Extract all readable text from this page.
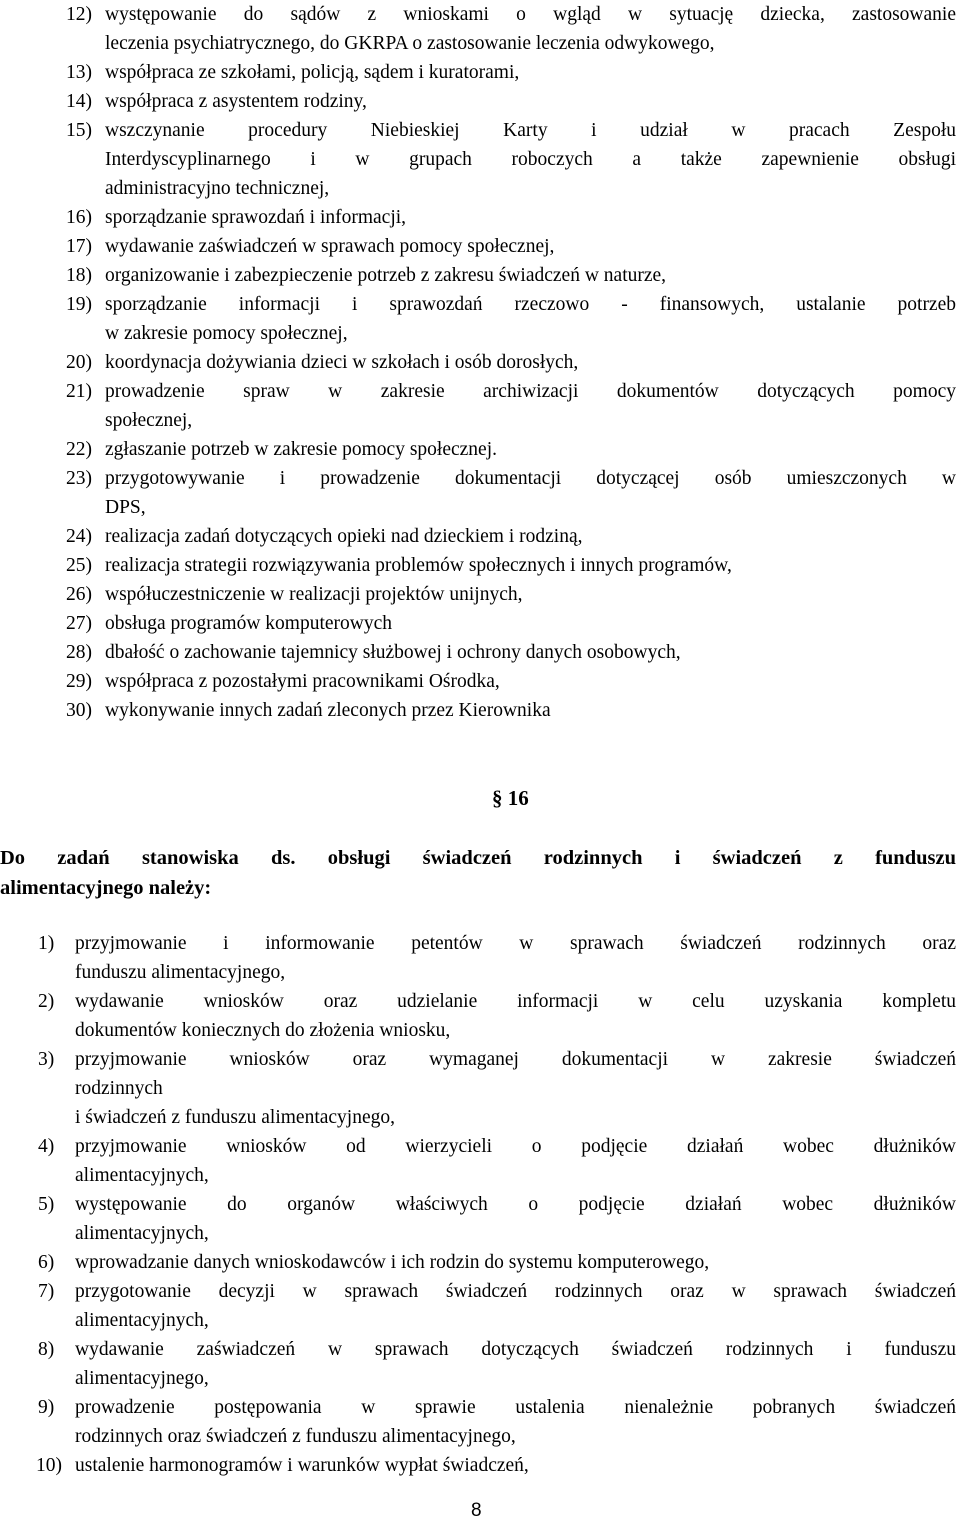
12) występowanie do sądów z wnioskami o wgląd w sytuację dziecka, zastosowanie
leczenia psychiatrycznego, do GKRPA o zastosowanie leczenia odwykowego,
13) współpraca ze szkołami, policją, sądem i kuratorami,
14) współpraca z asystentem rodziny,
15) wszczynanie procedury Niebieskiej Karty i udział w pracach Zespołu
Interdyscyplinarnego i w grupach roboczych a także zapewnienie obsługi
administracyjno technicznej,
16) sporządzanie sprawozdań i informacji,
17) wydawanie zaświadczeń w sprawach pomocy społecznej,
18) organizowanie i zabezpieczenie potrzeb z zakresu świadczeń w naturze,
19) sporządzanie informacji i sprawozdań rzeczowo - finansowych, ustalanie potrzeb
w zakresie pomocy społecznej,
20) koordynacja dożywiania dzieci w szkołach i osób dorosłych,
21) prowadzenie spraw w zakresie archiwizacji dokumentów dotyczących pomocy
społecznej,
22) zgłaszanie potrzeb w zakresie pomocy społecznej.
23) przygotowywanie i prowadzenie dokumentacji dotyczącej osób umieszczonych w
DPS,
24) realizacja zadań dotyczących opieki nad dzieckiem i rodziną,
25) realizacja strategii rozwiązywania problemów społecznych i innych programów,
26) współuczestniczenie w realizacji projektów unijnych,
27) obsługa programów komputerowych
28) dbałość o zachowanie tajemnicy służbowej i ochrony danych osobowych,
29) współpraca z pozostałymi pracownikami Ośrodka,
30) wykonywanie innych zadań zleconych przez Kierownika
§ 16
Do zadań stanowiska ds. obsługi świadczeń rodzinnych i świadczeń z funduszu
alimentacyjnego należy:
1) przyjmowanie i informowanie petentów w sprawach świadczeń rodzinnych oraz
funduszu alimentacyjnego,
2) wydawanie wniosków oraz udzielanie informacji w celu uzyskania kompletu
dokumentów koniecznych do złożenia wniosku,
3) przyjmowanie wniosków oraz wymaganej dokumentacji w zakresie świadczeń
rodzinnych
i świadczeń z funduszu alimentacyjnego,
4) przyjmowanie wniosków od wierzycieli o podjęcie działań wobec dłużników
alimentacyjnych,
5) występowanie do organów właściwych o podjęcie działań wobec dłużników
alimentacyjnych,
6) wprowadzanie danych wnioskodawców i ich rodzin do systemu komputerowego,
7) przygotowanie decyzji w sprawach świadczeń rodzinnych oraz w sprawach świadczeń
alimentacyjnych,
8) wydawanie zaświadczeń w sprawach dotyczących świadczeń rodzinnych i funduszu
alimentacyjnego,
9) prowadzenie postępowania w sprawie ustalenia nienależnie pobranych świadczeń
rodzinnych oraz świadczeń z funduszu alimentacyjnego,
10) ustalenie harmonogramów i warunków wypłat świadczeń,
8
